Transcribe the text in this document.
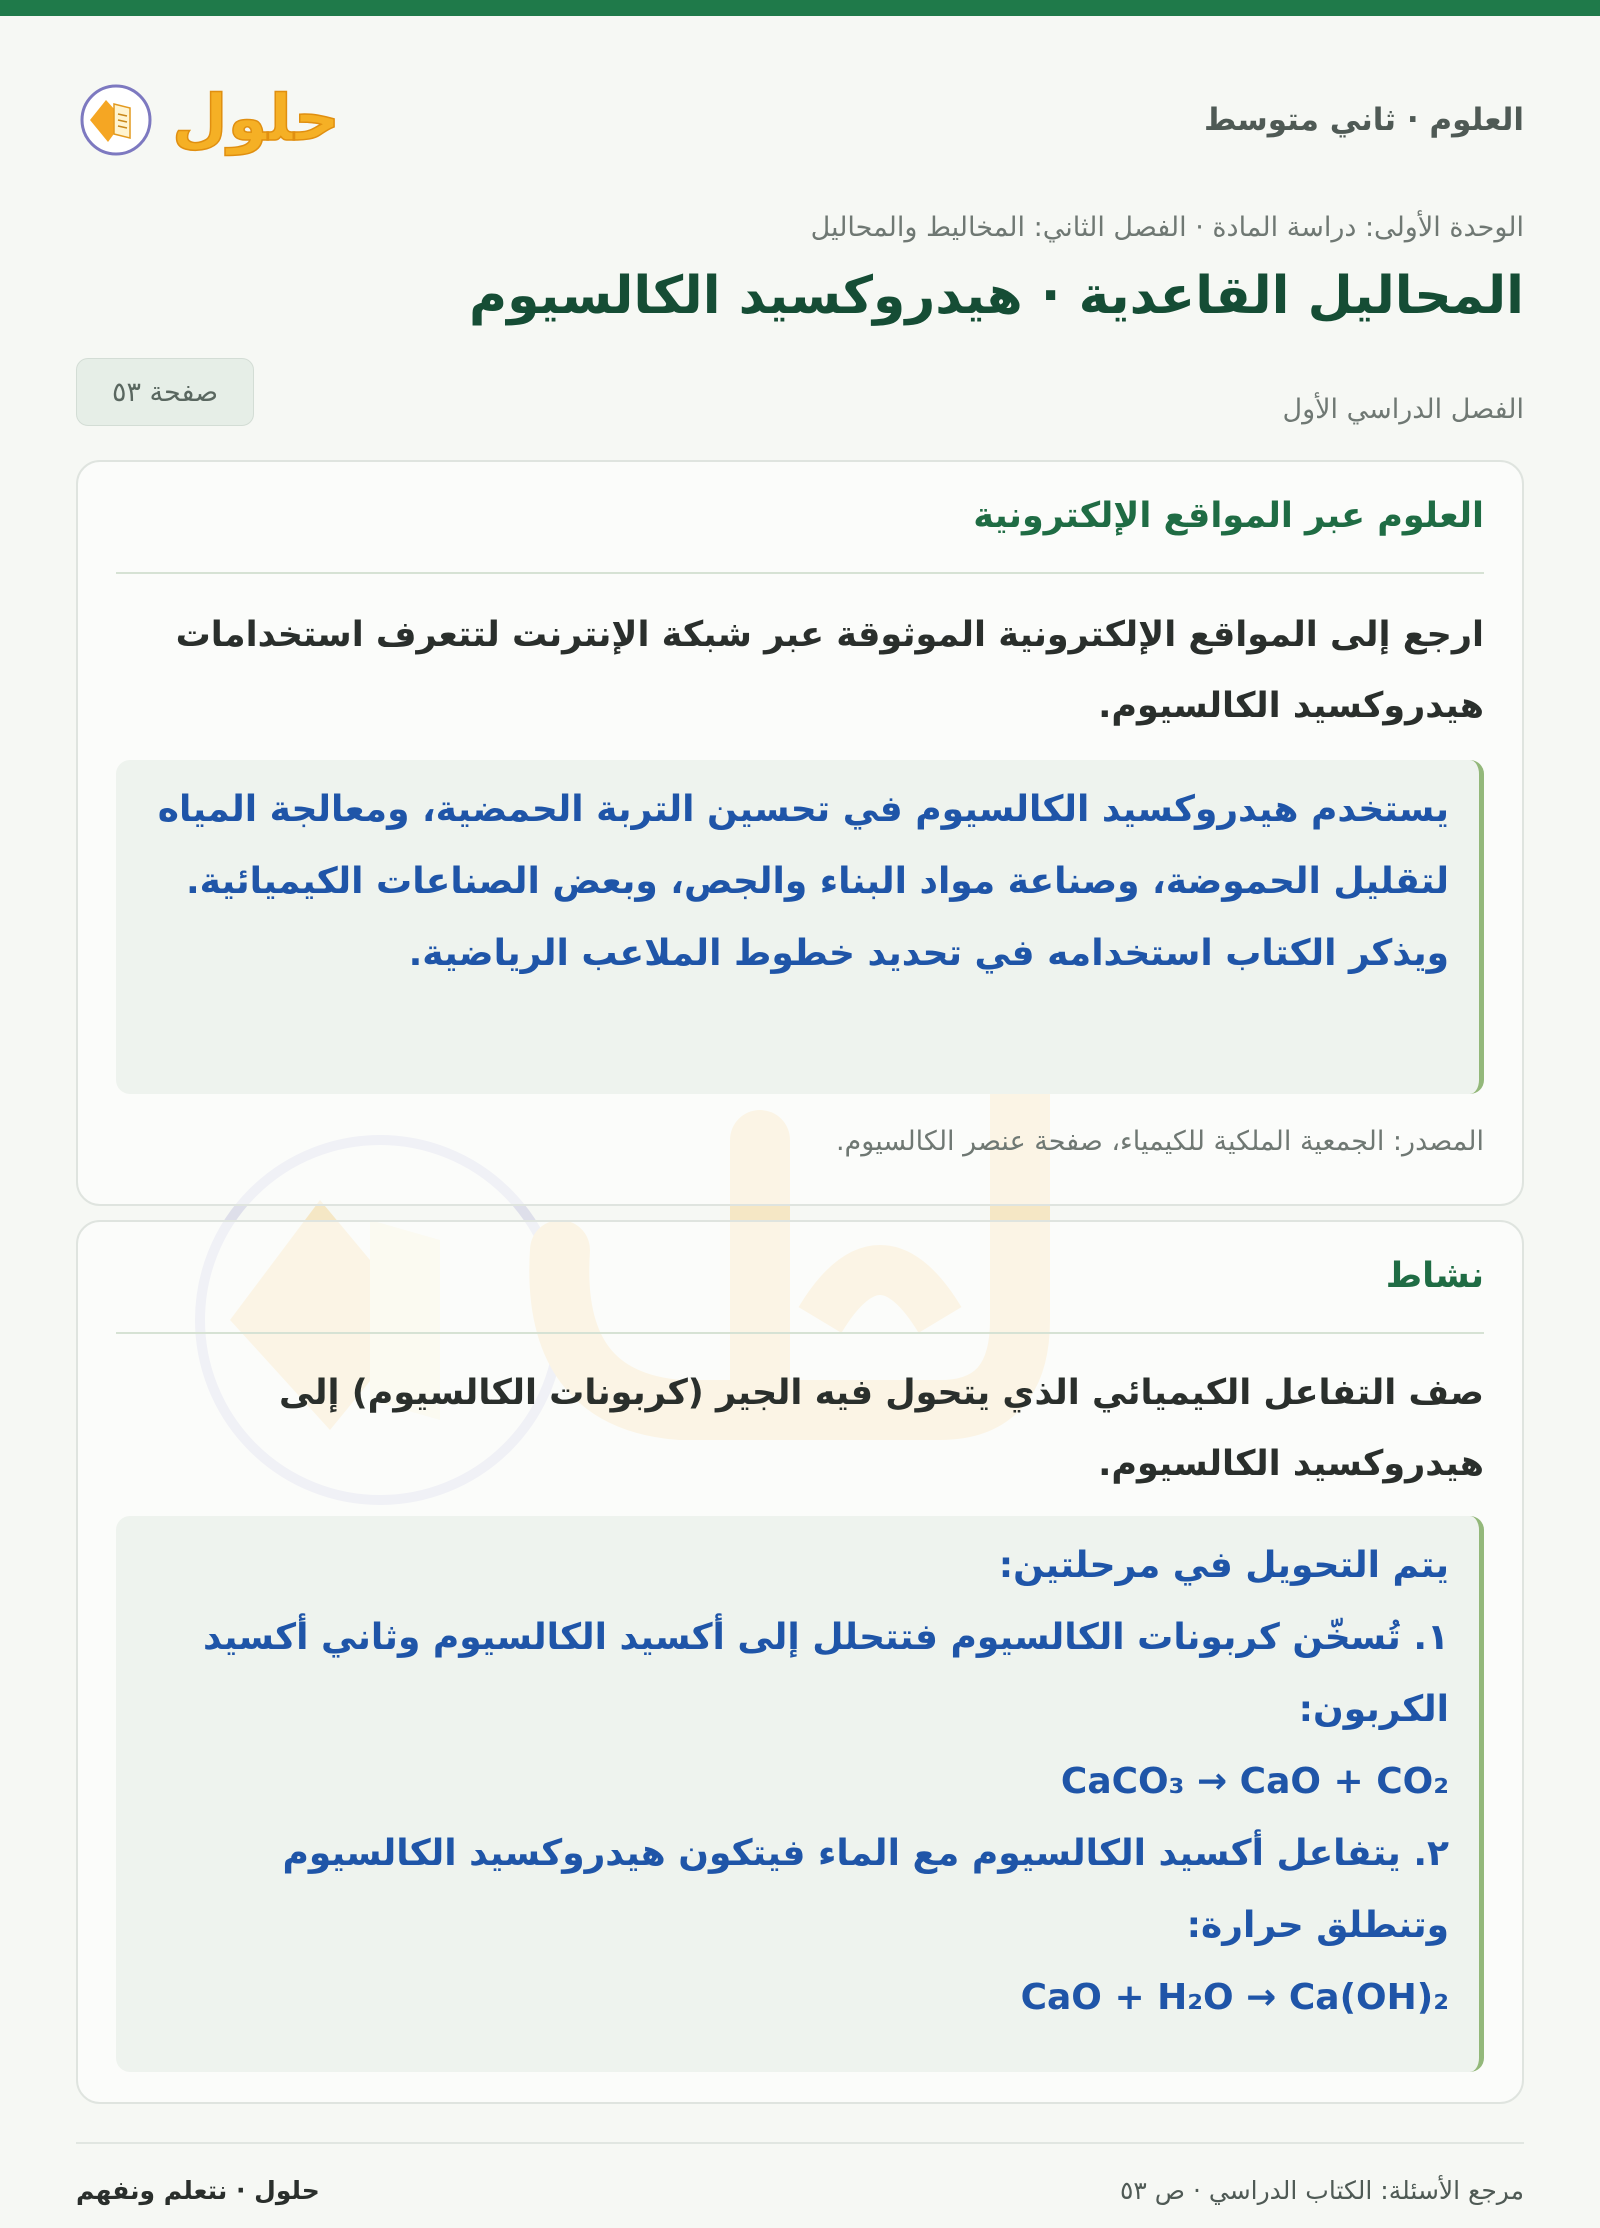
العلوم · ثاني متوسط
حلول
الوحدة الأولى: دراسة المادة · الفصل الثاني: المخاليط والمحاليل
المحاليل القاعدية · هيدروكسيد الكالسيوم
الفصل الدراسي الأول
صفحة ٥٣
العلوم عبر المواقع الإلكترونية
ارجع إلى المواقع الإلكترونية الموثوقة عبر شبكة الإنترنت لتتعرف استخدامات هيدروكسيد الكالسيوم.
يستخدم هيدروكسيد الكالسيوم في تحسين التربة الحمضية، ومعالجة المياه لتقليل الحموضة، وصناعة مواد البناء والجص، وبعض الصناعات الكيميائية. ويذكر الكتاب استخدامه في تحديد خطوط الملاعب الرياضية.
المصدر: الجمعية الملكية للكيمياء، صفحة عنصر الكالسيوم.
نشاط
صف التفاعل الكيميائي الذي يتحول فيه الجير (كربونات الكالسيوم) إلى هيدروكسيد الكالسيوم.
يتم التحويل في مرحلتين:
١. تُسخّن كربونات الكالسيوم فتتحلل إلى أكسيد الكالسيوم وثاني أكسيد الكربون:
CaCO₃ → CaO + CO₂
٢. يتفاعل أكسيد الكالسيوم مع الماء فيتكون هيدروكسيد الكالسيوم وتنطلق حرارة:
CaO + H₂O → Ca(OH)₂
مرجع الأسئلة: الكتاب الدراسي · ص ٥٣
حلول · نتعلم ونفهم
